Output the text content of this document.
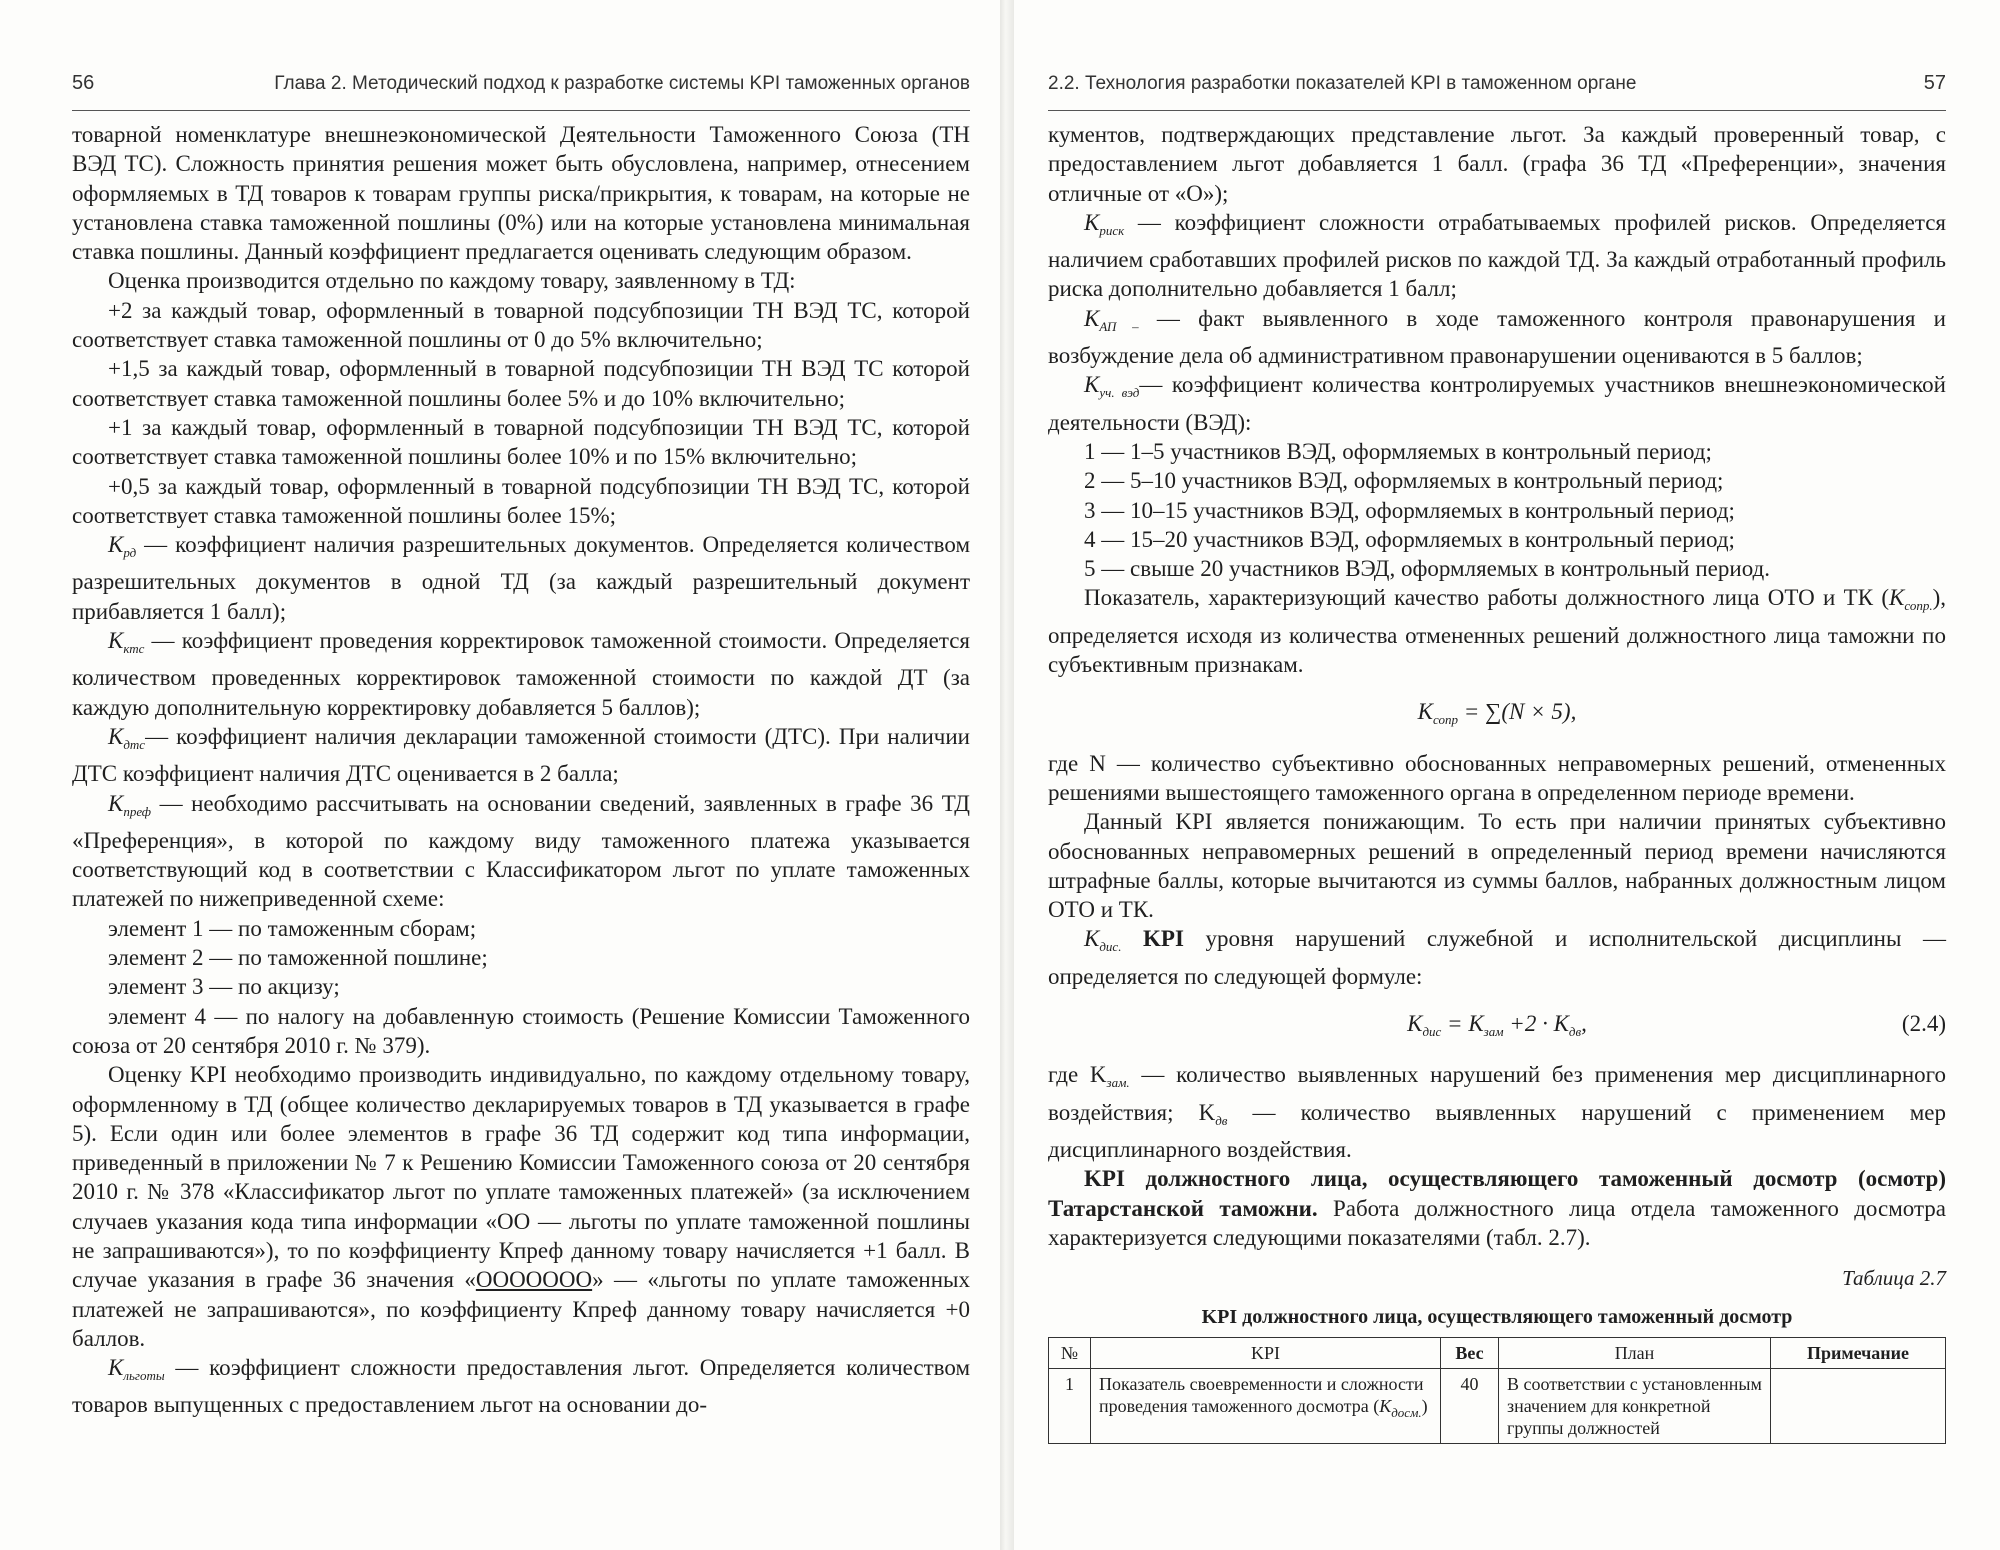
56	Глава 2. Методический подход к разработке системы KPI таможенных органов

товарной номенклатуре внешнеэкономической Деятельности Таможенного Союза (ТН ВЭД ТС). Сложность принятия решения может быть обусловлена, например, отнесением оформляемых в ТД товаров к товарам группы риска/прикрытия, к товарам, на которые не установлена ставка таможенной пошлины (0%) или на которые установлена минимальная ставка пошлины. Данный коэффициент предлагается оценивать следующим образом.

Оценка производится отдельно по каждому товару, заявленному в ТД:

+2 за каждый товар, оформленный в товарной подсубпозиции ТН ВЭД ТС, которой соответствует ставка таможенной пошлины от 0 до 5% включительно;

+1,5 за каждый товар, оформленный в товарной подсубпозиции ТН ВЭД ТС которой соответствует ставка таможенной пошлины более 5% и до 10% включительно;

+1 за каждый товар, оформленный в товарной подсубпозиции ТН ВЭД ТС, которой соответствует ставка таможенной пошлины более 10% и по 15% включительно;

+0,5 за каждый товар, оформленный в товарной подсубпозиции ТН ВЭД ТС, которой соответствует ставка таможенной пошлины более 15%;

$K_{рд}$ — коэффициент наличия разрешительных документов. Определяется количеством разрешительных документов в одной ТД (за каждый разрешительный документ прибавляется 1 балл);

$K_{ктс}$ — коэффициент проведения корректировок таможенной стоимости. Определяется количеством проведенных корректировок таможенной стоимости по каждой ДТ (за каждую дополнительную корректировку добавляется 5 баллов);

$K_{дтс}—$ коэффициент наличия декларации таможенной стоимости (ДТС). При наличии ДТС коэффициент наличия ДТС оценивается в 2 балла;

$K_{преф}$ — необходимо рассчитывать на основании сведений, заявленных в графе 36 ТД «Преференция», в которой по каждому виду таможенного платежа указывается соответствующий код в соответствии с Классификатором льгот по уплате таможенных платежей по нижеприведенной схеме:

элемент 1 — по таможенным сборам;

элемент 2 — по таможенной пошлине;

элемент 3 — по акцизу;

элемент 4 — по налогу на добавленную стоимость (Решение Комиссии Таможенного союза от 20 сентября 2010 г. № 379).

Оценку KPI необходимо производить индивидуально, по каждому отдельному товару, оформленному в ТД (общее количество декларируемых товаров в ТД указывается в графе 5). Если один или более элементов в графе 36 ТД содержит код типа информации, приведенный в приложении № 7 к Решению Комиссии Таможенного союза от 20 сентября 2010 г. № 378 «Классификатор льгот по уплате таможенных платежей» (за исключением случаев указания кода типа информации «ОО — льготы по уплате таможенной пошлины не запрашиваются»), то по коэффициенту Кпреф данному товару начисляется +1 балл. В случае указания в графе 36 значения «ООООООО» — «льготы по уплате таможенных платежей не запрашиваются», по коэффициенту Кпреф данному товару начисляется +0 баллов.

$K_{льготы}$ — коэффициент сложности предоставления льгот. Определяется количеством товаров выпущенных с предоставлением льгот на основании до-

2.2. Технология разработки показателей KPI в таможенном органе	57

кументов, подтверждающих представление льгот. За каждый проверенный товар, с предоставлением льгот добавляется 1 балл. (графа 36 ТД «Преференции», значения отличные от «О»);

$K_{риск}$ — коэффициент сложности отрабатываемых профилей рисков. Определяется наличием сработавших профилей рисков по каждой ТД. За каждый отработанный профиль риска дополнительно добавляется 1 балл;

$K_{АП -}$ — факт выявленного в ходе таможенного контроля правонарушения и возбуждение дела об административном правонарушении оцениваются в 5 баллов;

$K_{уч. вэд}—$ коэффициент количества контролируемых участников внешнеэкономической деятельности (ВЭД):

1 — 1–5 участников ВЭД, оформляемых в контрольный период;

2 — 5–10 участников ВЭД, оформляемых в контрольный период;

3 — 10–15 участников ВЭД, оформляемых в контрольный период;

4 — 15–20 участников ВЭД, оформляемых в контрольный период;

5 — свыше 20 участников ВЭД, оформляемых в контрольный период.

Показатель, характеризующий качество работы должностного лица ОТО и ТК $(K_{сопр.})$, определяется исходя из количества отмененных решений должностного лица таможни по субъективным признакам.

$K_{сопр} = \sum(N \times 5)$,

где N — количество субъективно обоснованных неправомерных решений, отмененных решениями вышестоящего таможенного органа в определенном периоде времени.

Данный KPI является понижающим. То есть при наличии принятых субъективно обоснованных неправомерных решений в определенный период времени начисляются штрафные баллы, которые вычитаются из суммы баллов, набранных должностным лицом ОТО и ТК.

$K_{дис.}$ KPI уровня нарушений служебной и исполнительской дисциплины — определяется по следующей формуле:

$K_{дис} = K_{зам} +2 \cdot K_{дв}$,	(2.4)

где $K_{зам.}$ — количество выявленных нарушений без применения мер дисциплинарного воздействия; $K_{дв}$ — количество выявленных нарушений с применением мер дисциплинарного воздействия.

KPI должностного лица, осуществляющего таможенный досмотр (осмотр) Татарстанской таможни. Работа должностного лица отдела таможенного досмотра характеризуется следующими показателями (табл. 2.7).

Таблица 2.7
KPI должностного лица, осуществляющего таможенный досмотр
№	KPI	Вес	План	Примечание
1	Показатель своевременности и сложности проведения таможенного досмотра $(K_{досм.})$	40	В соответствии с установленным значением для конкретной группы должностей	
